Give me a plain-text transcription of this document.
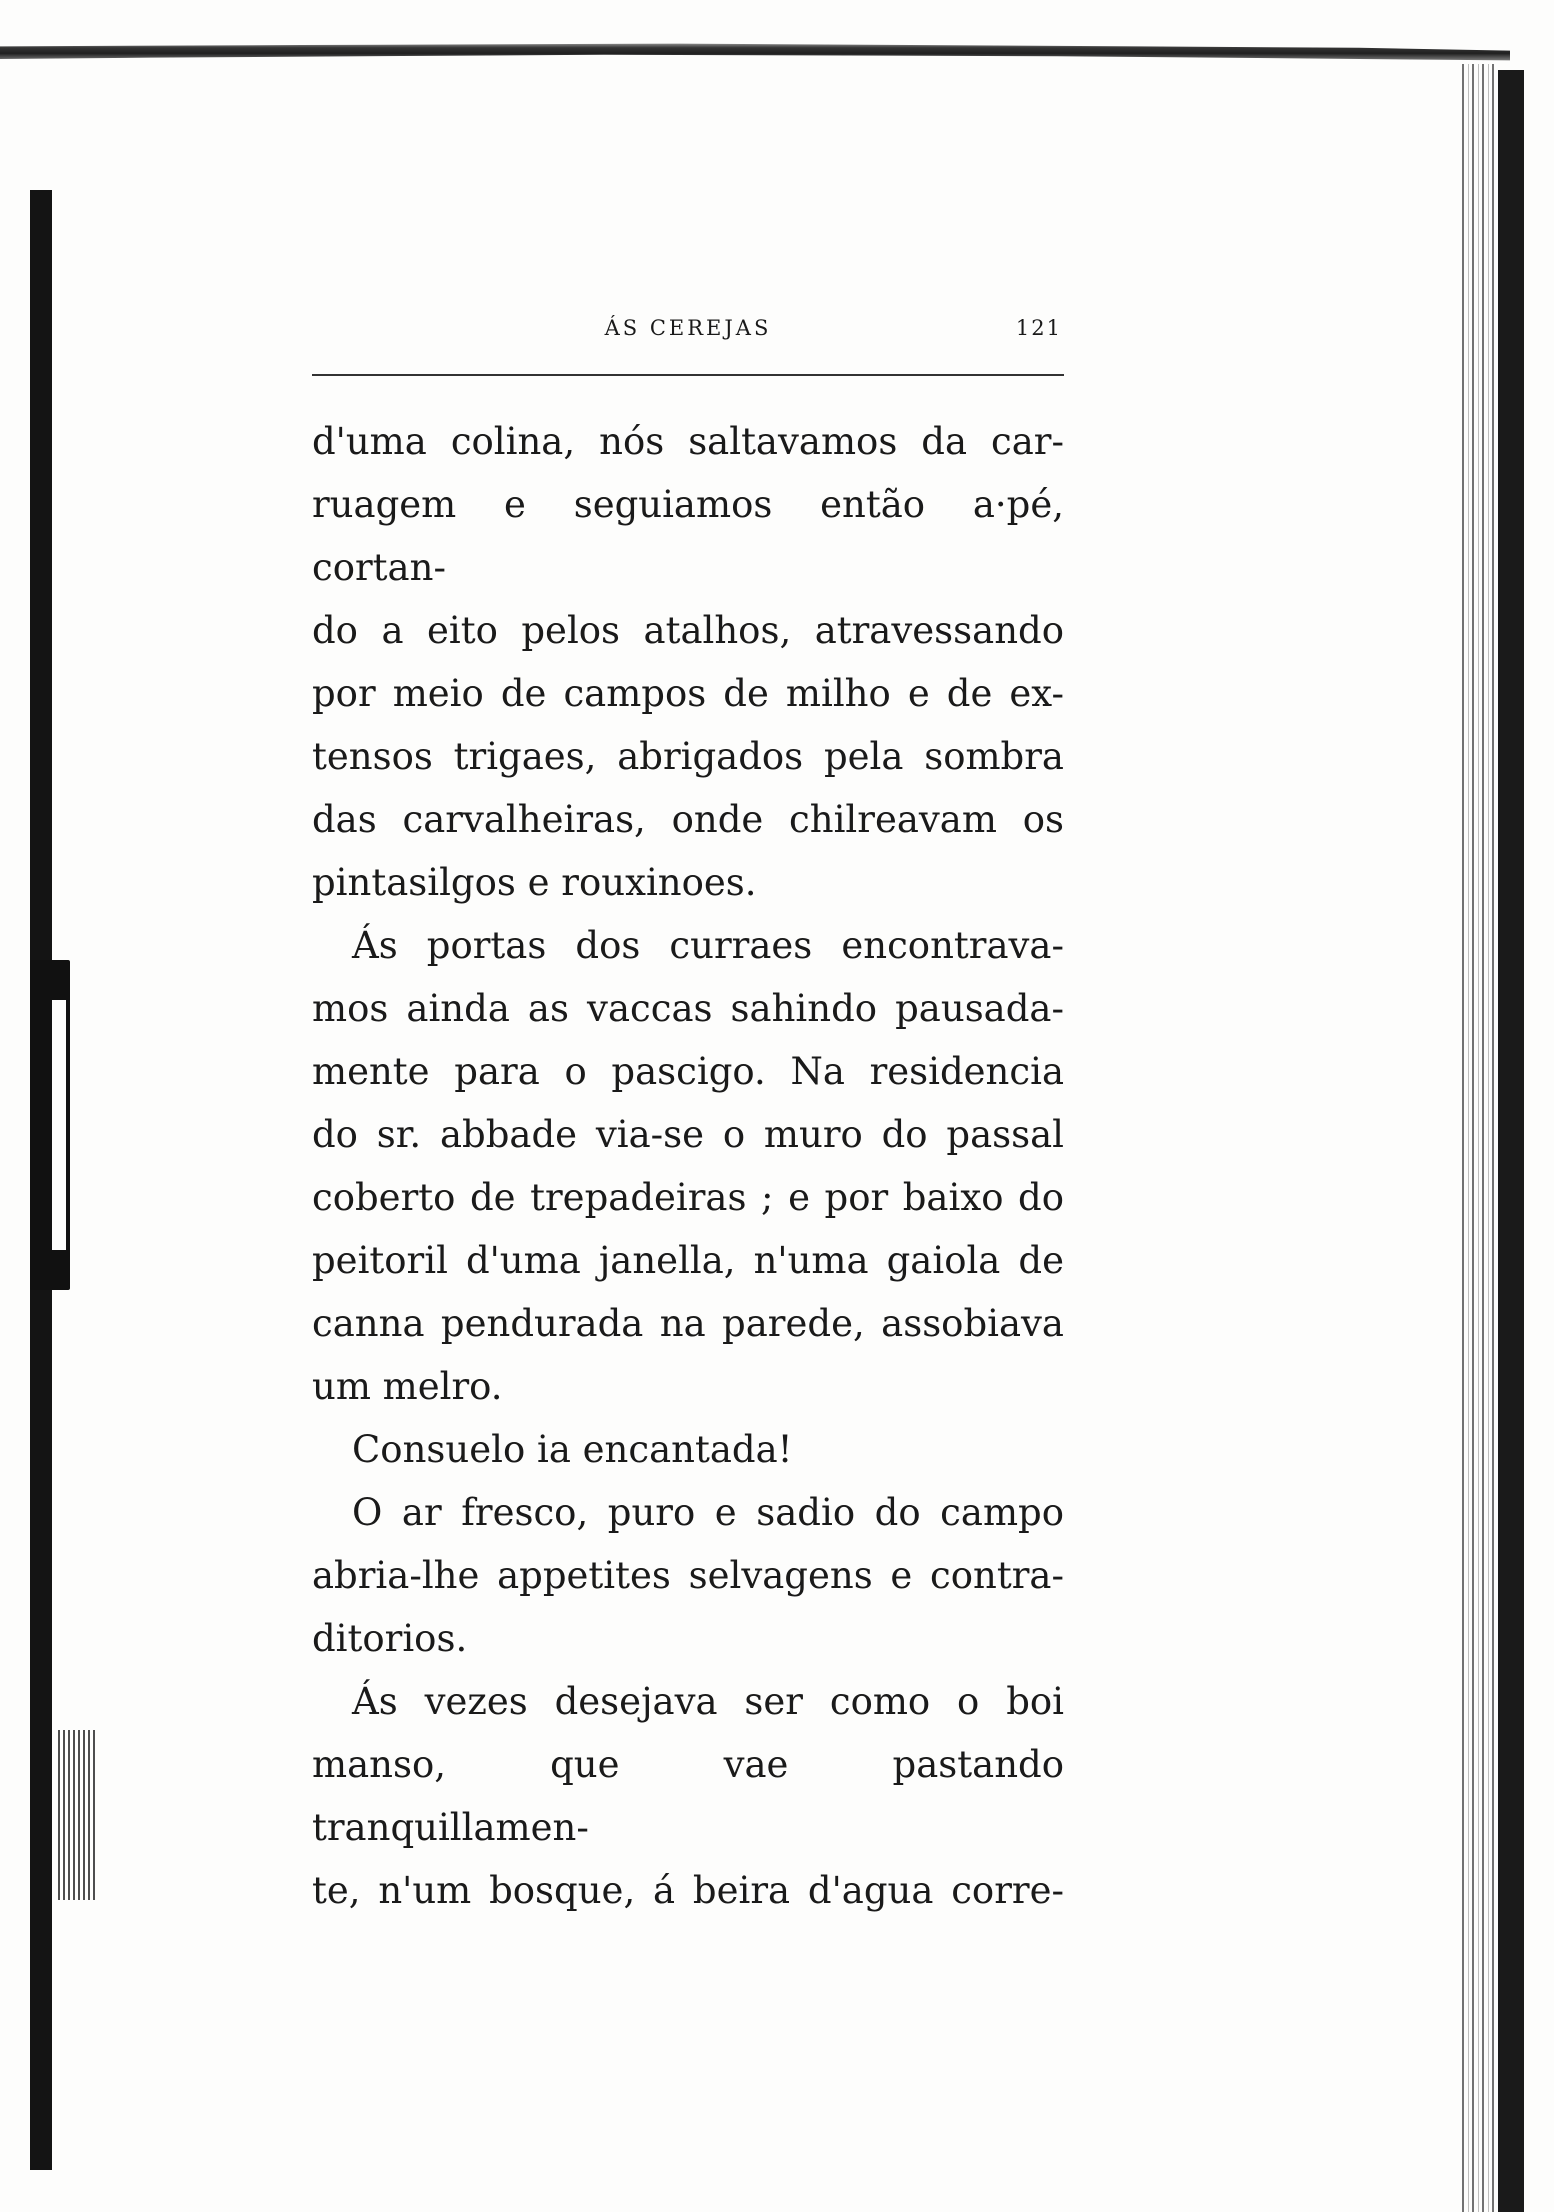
ÁS CEREJAS	121

d'uma colina, nós saltavamos da car-

ruagem e seguiamos então a·pé, cortan-

do a eito pelos atalhos, atravessando

por meio de campos de milho e de ex-

tensos trigaes, abrigados pela sombra

das carvalheiras, onde chilreavam os

pintasilgos e rouxinoes.

Ás portas dos curraes encontrava-

mos ainda as vaccas sahindo pausada-

mente para o pascigo. Na residencia

do sr. abbade via-se o muro do passal

coberto de trepadeiras ; e por baixo do

peitoril d'uma janella, n'uma gaiola de

canna pendurada na parede, assobiava

um melro.

Consuelo ia encantada!

O ar fresco, puro e sadio do campo

abria-lhe appetites selvagens e contra-

ditorios.

Ás vezes desejava ser como o boi

manso, que vae pastando tranquillamen-

te, n'um bosque, á beira d'agua corre-
